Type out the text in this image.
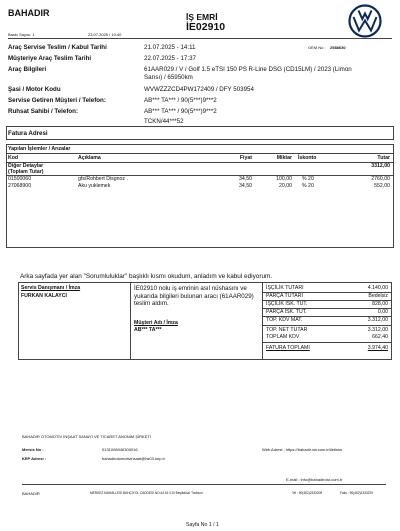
BAHADIR
Baskı Sayısı: 1	23.07.2025 / 10:40
İŞ EMRİ
İE02910
Araç Servise Teslim / Kabul Tarihi	21.07.2025 - 14:11	OEM No : 2588630
Müşteriye Araç Teslim Tarihi	22.07.2025 - 17:37
Araç Bilgileri	61AAR029 / V / Golf 1.5 eTSI 150 PS R-Line DSG (CD15LM) / 2023 (Limon
Sarısı) / 65950km
Şasi / Motor Kodu	WVWZZZCD4PW172409 / DFY 503954
Servise Getiren Müşteri / Telefon:	AB*** TA*** / 90(5***)9***2
Ruhsat Sahibi / Telefon:	AB*** TA*** / 90(5***)9***2
TCKN/44***52
Fatura Adresi
Yapılan İşlemler / Arızalar
Kod	Açıklama	Fiyat	Miktar İskonto	Tutar
Diğer Detaylar
(Toplam Tutar)
3312,00
01500060	gfs/Rohbert Disgnoz .	34,50	100,00 % 20	2760,00
27068900	Aku yuklemek	34,50	20,00 % 20	552,00
Arka sayfada yer alan "Sorumluluklar" başlıklı kısmı okudum, anladım ve kabul ediyorum.
Servis Danışmanı / İmza
FURKAN KALAYCI
İE02910 nolu iş emrinin asıl nüshasını ve yukarıda bilgileri bulunan aracı (61AAR029) teslim aldım.
Müşteri Adı / İmza
AB*** TA***
İŞÇİLİK TUTARI	4.140,00
PARÇA TUTARI	Bedelsiz
İŞÇİLİK İSK. TUT.	828,00
PARÇA İSK. TUT.	0,00
TOP. KDV MAT.	3.312,00
TOP. NET TUTAR	3.312,00
TOPLAM KDV	662,40
FATURA TOPLAMI	3.974,40
BAHADIR OTOMOTİV İNŞAAT SANAYİ VE TİCARET ANONİM ŞİRKETİ
Mersis No :	0131008946300016
KEP Adresi :	bahadirotomotivinsaat@hs03.kep.tr
Web Adresi : https://bahadir.vw.com.tr/iletisim
E-mail : info@bahadiroto.com.tr
BAHADIR	MERKEZ MAHALLESİ BAHÇİYOL CADDESİ NO:44 61 010 Beşikdüzü Trabzon	Tel : 90(462)2333005	Faks : 90(462)2333229
Sayfa No 1 / 1
